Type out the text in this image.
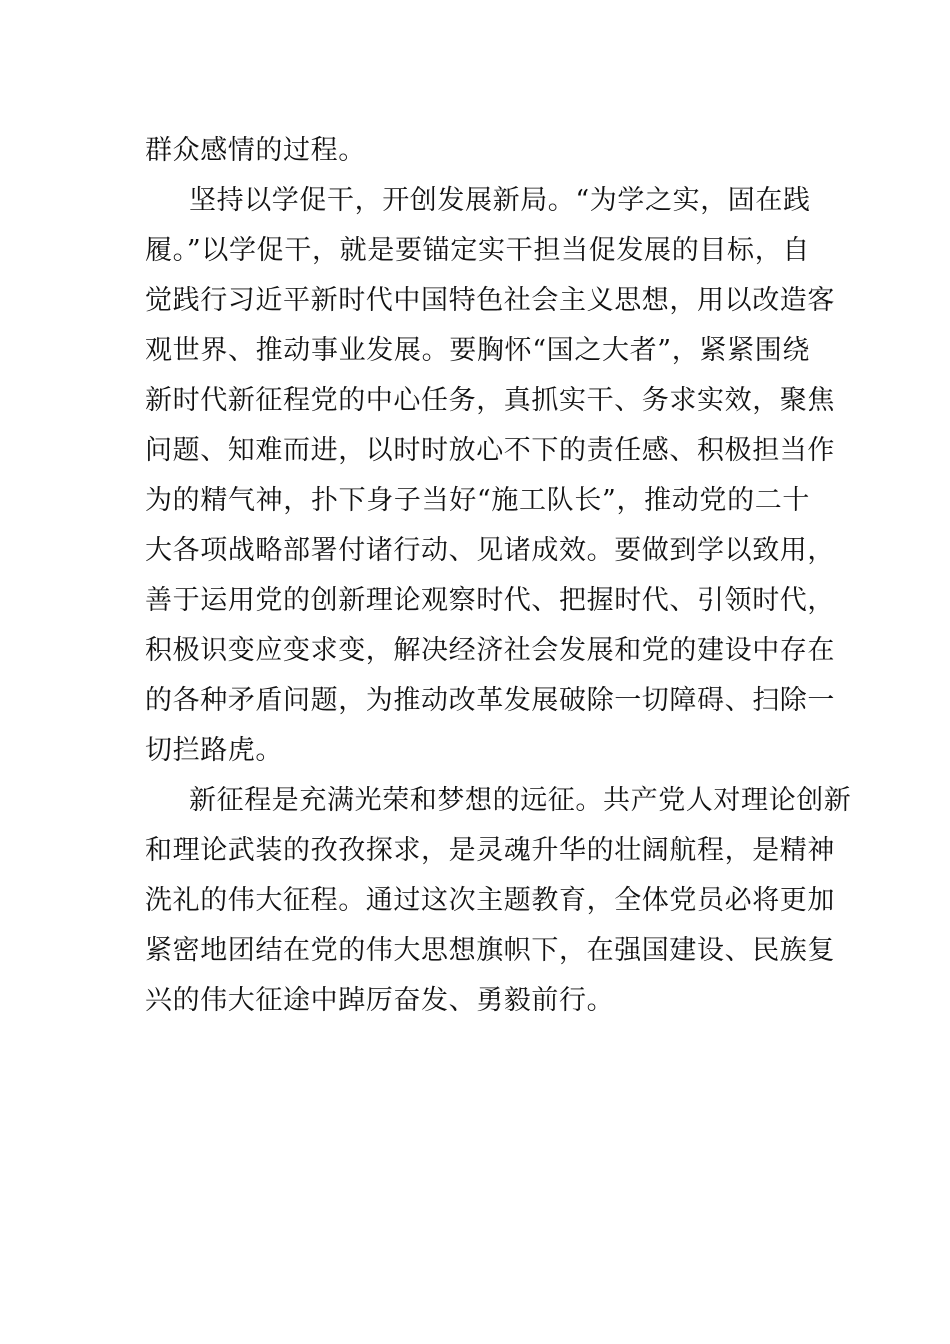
群众感情的过程。
坚持以学促干，开创发展新局。“为学之实，固在践
履。”以学促干，就是要锚定实干担当促发展的目标，自
觉践行习近平新时代中国特色社会主义思想，用以改造客
观世界、推动事业发展。要胸怀“国之大者”，紧紧围绕
新时代新征程党的中心任务，真抓实干、务求实效，聚焦
问题、知难而进，以时时放心不下的责任感、积极担当作
为的精气神，扑下身子当好“施工队长”，推动党的二十
大各项战略部署付诸行动、见诸成效。要做到学以致用，
善于运用党的创新理论观察时代、把握时代、引领时代，
积极识变应变求变，解决经济社会发展和党的建设中存在
的各种矛盾问题，为推动改革发展破除一切障碍、扫除一
切拦路虎。
新征程是充满光荣和梦想的远征。共产党人对理论创新
和理论武装的孜孜探求，是灵魂升华的壮阔航程，是精神
洗礼的伟大征程。通过这次主题教育，全体党员必将更加
紧密地团结在党的伟大思想旗帜下，在强国建设、民族复
兴的伟大征途中踔厉奋发、勇毅前行。
